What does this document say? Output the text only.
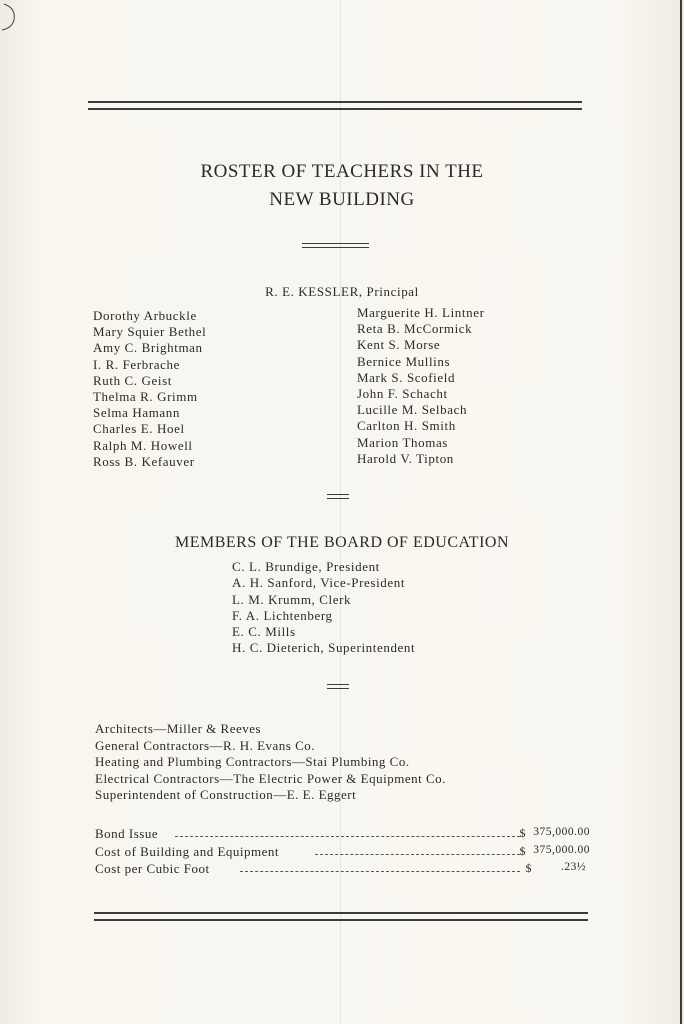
ROSTER OF TEACHERS IN THE
NEW BUILDING
R. E. KESSLER, Principal
Dorothy Arbuckle
Mary Squier Bethel
Amy C. Brightman
I. R. Ferbrache
Ruth C. Geist
Thelma R. Grimm
Selma Hamann
Charles E. Hoel
Ralph M. Howell
Ross B. Kefauver
Marguerite H. Lintner
Reta B. McCormick
Kent S. Morse
Bernice Mullins
Mark S. Scofield
John F. Schacht
Lucille M. Selbach
Carlton H. Smith
Marion Thomas
Harold V. Tipton
MEMBERS OF THE BOARD OF EDUCATION
C. L. Brundige, President
A. H. Sanford, Vice-President
L. M. Krumm, Clerk
F. A. Lichtenberg
E. C. Mills
H. C. Dieterich, Superintendent
Architects—Miller & Reeves
General Contractors—R. H. Evans Co.
Heating and Plumbing Contractors—Stai Plumbing Co.
Electrical Contractors—The Electric Power & Equipment Co.
Superintendent of Construction—E. E. Eggert
Bond Issue	$ 375,000.00
Cost of Building and Equipment	$ 375,000.00
Cost per Cubic Foot	$	.23½
